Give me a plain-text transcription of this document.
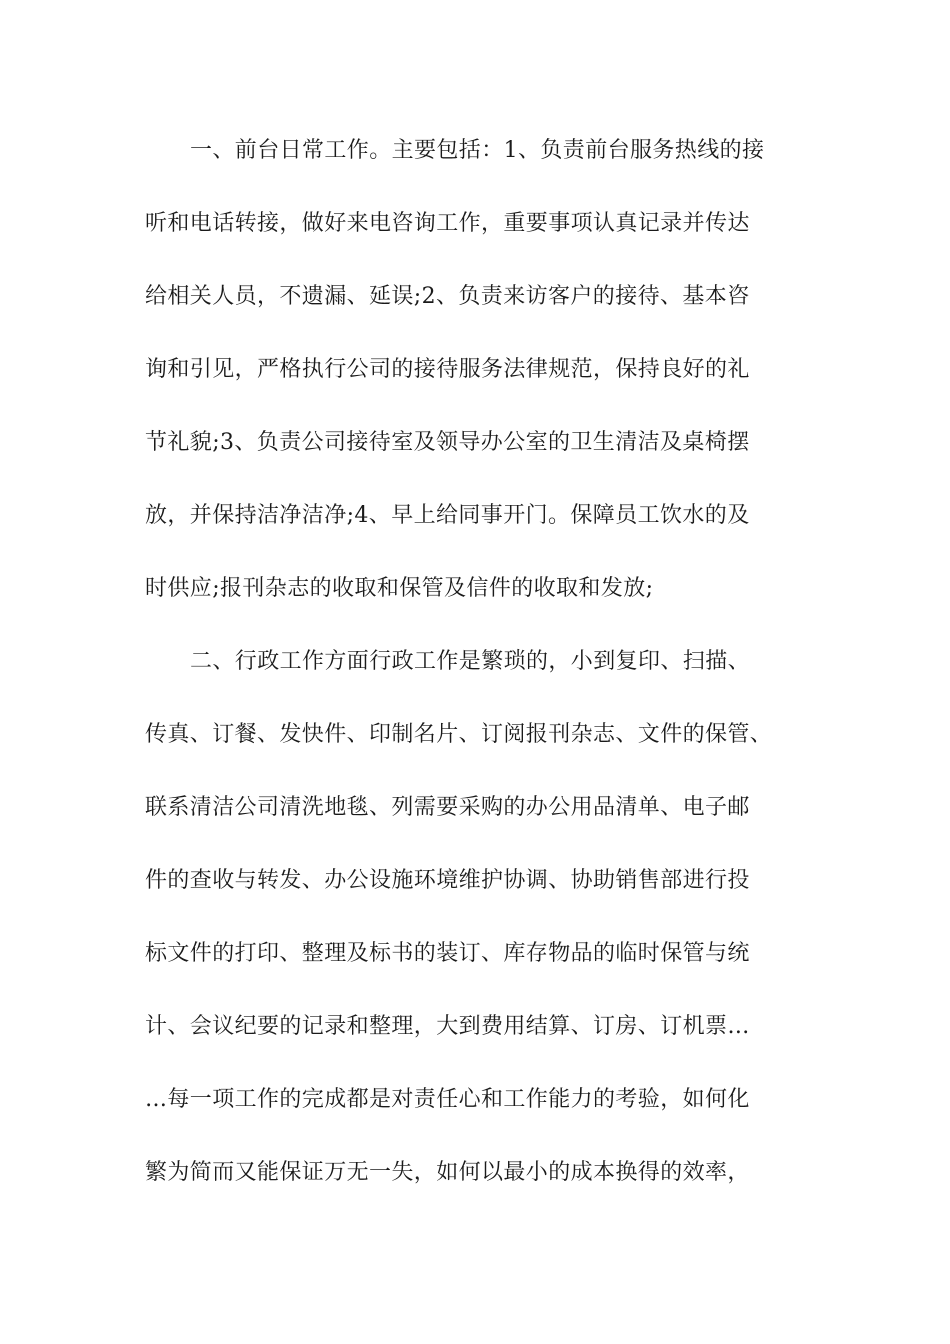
一、前台日常工作。主要包括：1、负责前台服务热线的接
听和电话转接，做好来电咨询工作，重要事项认真记录并传达
给相关人员，不遗漏、延误;2、负责来访客户的接待、基本咨
询和引见，严格执行公司的接待服务法律规范，保持良好的礼
节礼貌;3、负责公司接待室及领导办公室的卫生清洁及桌椅摆
放，并保持洁净洁净;4、早上给同事开门。保障员工饮水的及
时供应;报刊杂志的收取和保管及信件的收取和发放;
二、行政工作方面行政工作是繁琐的，小到复印、扫描、
传真、订餐、发快件、印制名片、订阅报刊杂志、文件的保管、
联系清洁公司清洗地毯、列需要采购的办公用品清单、电子邮
件的查收与转发、办公设施环境维护协调、协助销售部进行投
标文件的打印、整理及标书的装订、库存物品的临时保管与统
计、会议纪要的记录和整理，大到费用结算、订房、订机票…
…每一项工作的完成都是对责任心和工作能力的考验，如何化
繁为简而又能保证万无一失，如何以最小的成本换得的效率，
